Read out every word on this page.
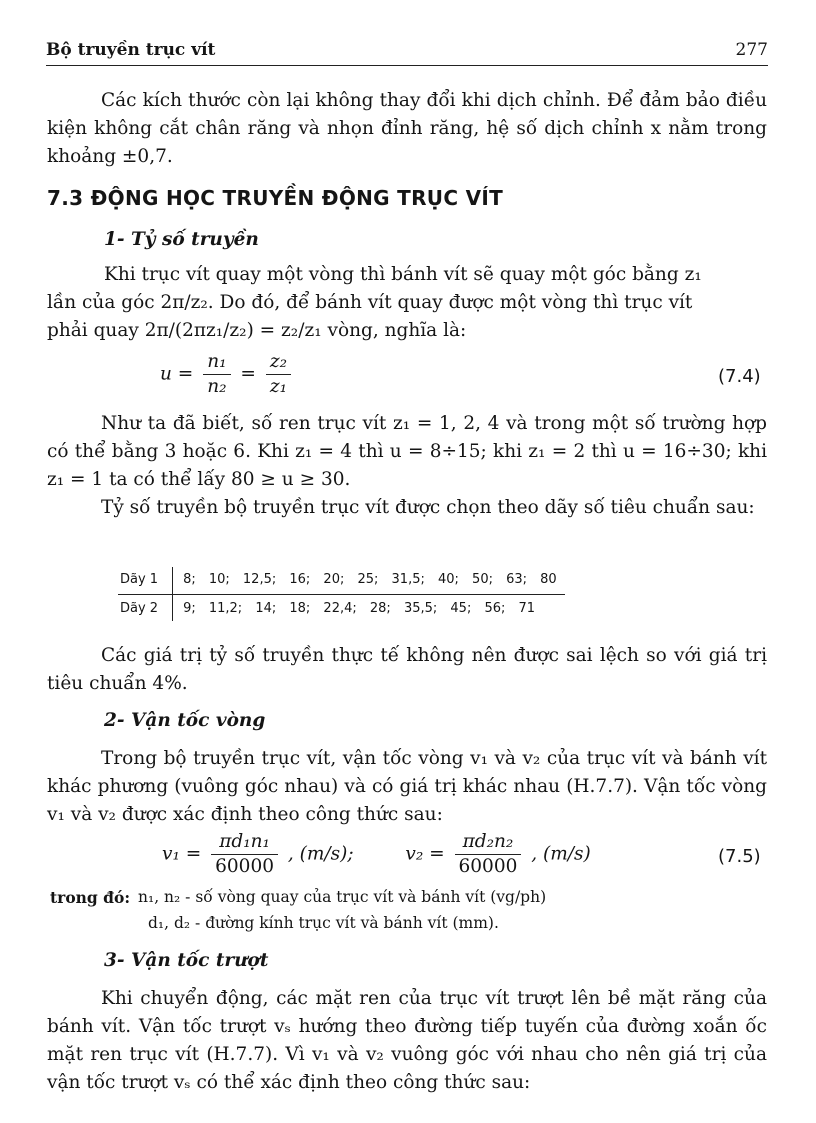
Bộ truyền trục vít	277
Các kích thước còn lại không thay đổi khi dịch chỉnh. Để đảm bảo điều kiện không cắt chân răng và nhọn đỉnh răng, hệ số dịch chỉnh x nằm trong khoảng ±0,7.
7.3 ĐỘNG HỌC TRUYỀN ĐỘNG TRỤC VÍT
1- Tỷ số truyền
Khi trục vít quay một vòng thì bánh vít sẽ quay một góc bằng z₁
lần của góc 2π/z₂. Do đó, để bánh vít quay được một vòng thì trục vít
phải quay 2π/(2πz₁/z₂) = z₂/z₁ vòng, nghĩa là:
$u = \frac{\text{n₁}}{\text{n₂}} = \frac{\text{z₂}}{\text{z₁}}$	(7.4)
Như ta đã biết, số ren trục vít z₁ = 1, 2, 4 và trong một số trường hợp có thể bằng 3 hoặc 6. Khi z₁ = 4 thì u = 8÷15; khi z₁ = 2 thì u = 16÷30; khi z₁ = 1 ta có thể lấy 80 ≥ u ≥ 30.
Tỷ số truyền bộ truyền trục vít được chọn theo dãy số tiêu chuẩn sau:
Dãy 1	8; 10; 12,5; 16; 20; 25; 31,5; 40; 50; 63; 80
Dãy 2	9; 11,2; 14; 18; 22,4; 28; 35,5; 45; 56; 71
Các giá trị tỷ số truyền thực tế không nên được sai lệch so với giá trị tiêu chuẩn 4%.
2- Vận tốc vòng
Trong bộ truyền trục vít, vận tốc vòng v₁ và v₂ của trục vít và bánh vít khác phương (vuông góc nhau) và có giá trị khác nhau (H.7.7). Vận tốc vòng v₁ và v₂ được xác định theo công thức sau:
$v_1 = \frac{\text{πd₁n₁}}{60000}$ , (m/s);	$v_2 = \frac{\text{πd₂n₂}}{60000}$ , (m/s)	(7.5)
trong đó: n₁, n₂ - số vòng quay của trục vít và bánh vít (vg/ph)
d₁, d₂ - đường kính trục vít và bánh vít (mm).
3- Vận tốc trượt
Khi chuyển động, các mặt ren của trục vít trượt lên bề mặt răng của bánh vít. Vận tốc trượt vₛ hướng theo đường tiếp tuyến của đường xoắn ốc mặt ren trục vít (H.7.7). Vì v₁ và v₂ vuông góc với nhau cho nên giá trị của vận tốc trượt vₛ có thể xác định theo công thức sau:
